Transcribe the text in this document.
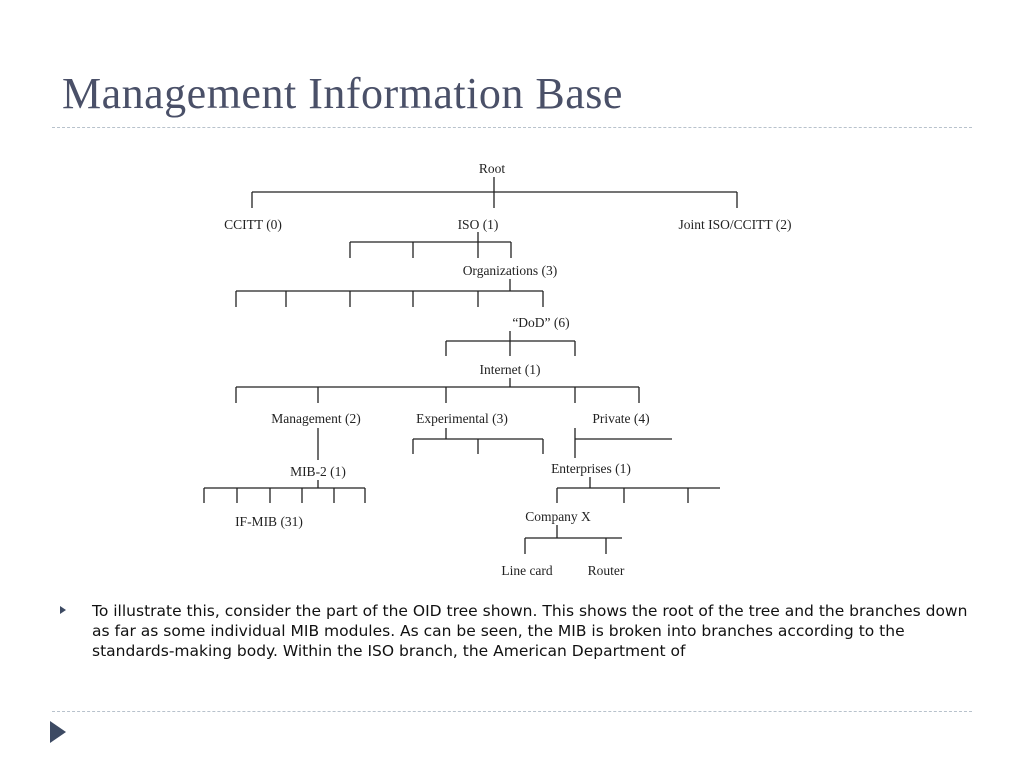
Management Information Base
Root
CCITT (0)	ISO (1)	Joint ISO/CCITT (2)
Organizations (3)
“DoD” (6)
Internet (1)
Management (2)	Experimental (3)	Private (4)
MIB-2 (1)	Enterprises (1)
IF-MIB (31)	Company X
Line card	Router
To illustrate this, consider the part of the OID tree shown. This shows the root of the tree and the branches down as far as some individual MIB modules. As can be seen, the MIB is broken into branches according to the standards-making body. Within the ISO branch, the American Department of
